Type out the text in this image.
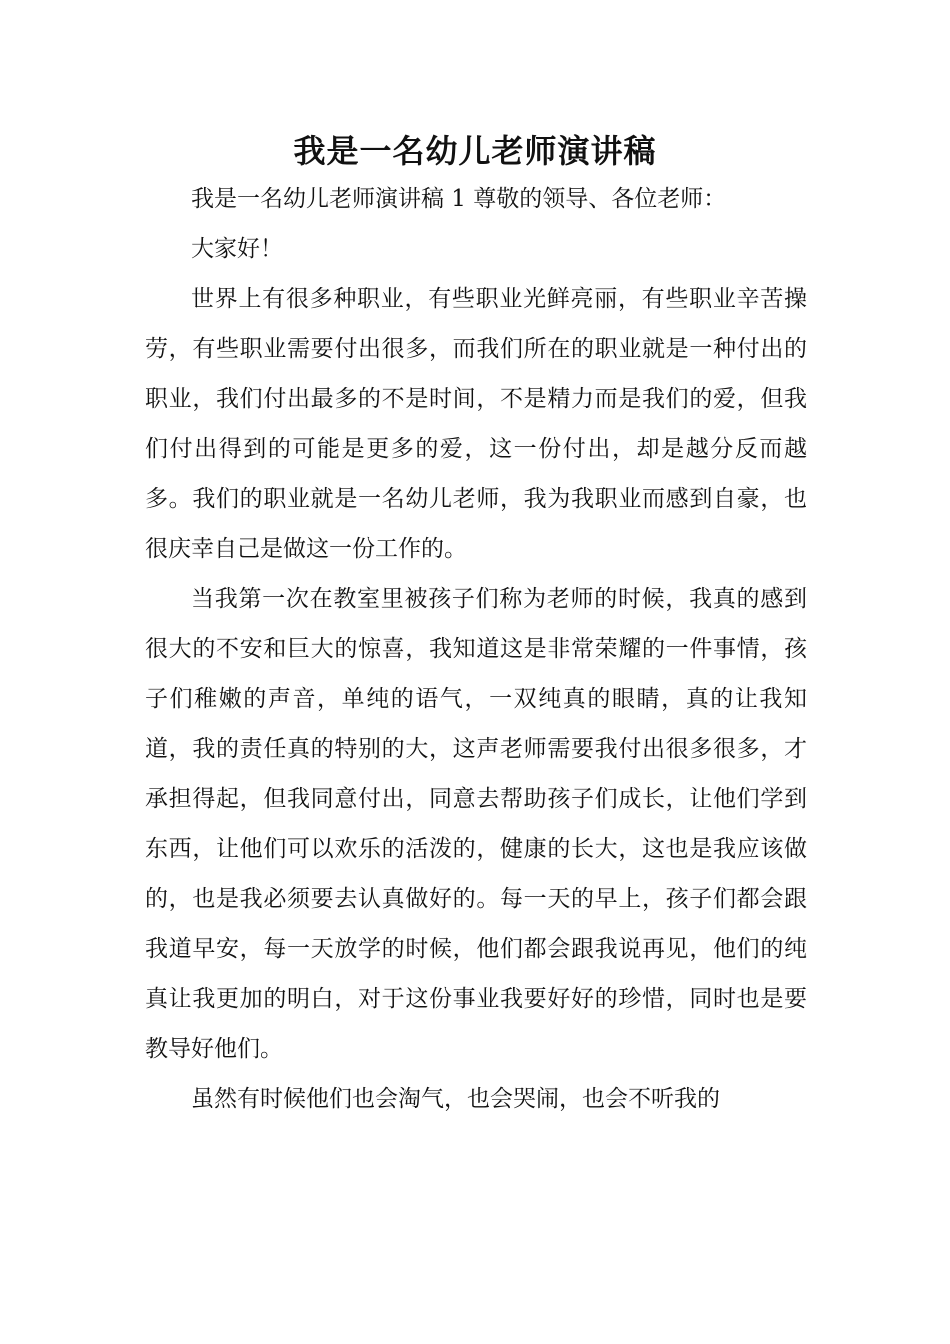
我是一名幼儿老师演讲稿

我是一名幼儿老师演讲稿 1 尊敬的领导、各位老师：

大家好！

世界上有很多种职业，有些职业光鲜亮丽，有些职业辛苦操劳，有些职业需要付出很多，而我们所在的职业就是一种付出的职业，我们付出最多的不是时间，不是精力而是我们的爱，但我们付出得到的可能是更多的爱，这一份付出，却是越分反而越多。我们的职业就是一名幼儿老师，我为我职业而感到自豪，也很庆幸自己是做这一份工作的。

当我第一次在教室里被孩子们称为老师的时候，我真的感到很大的不安和巨大的惊喜，我知道这是非常荣耀的一件事情，孩子们稚嫩的声音，单纯的语气，一双纯真的眼睛，真的让我知道，我的责任真的特别的大，这声老师需要我付出很多很多，才承担得起，但我同意付出，同意去帮助孩子们成长，让他们学到东西，让他们可以欢乐的活泼的，健康的长大，这也是我应该做的，也是我必须要去认真做好的。每一天的早上，孩子们都会跟我道早安，每一天放学的时候，他们都会跟我说再见，他们的纯真让我更加的明白，对于这份事业我要好好的珍惜，同时也是要教导好他们。

虽然有时候他们也会淘气，也会哭闹，也会不听我的
